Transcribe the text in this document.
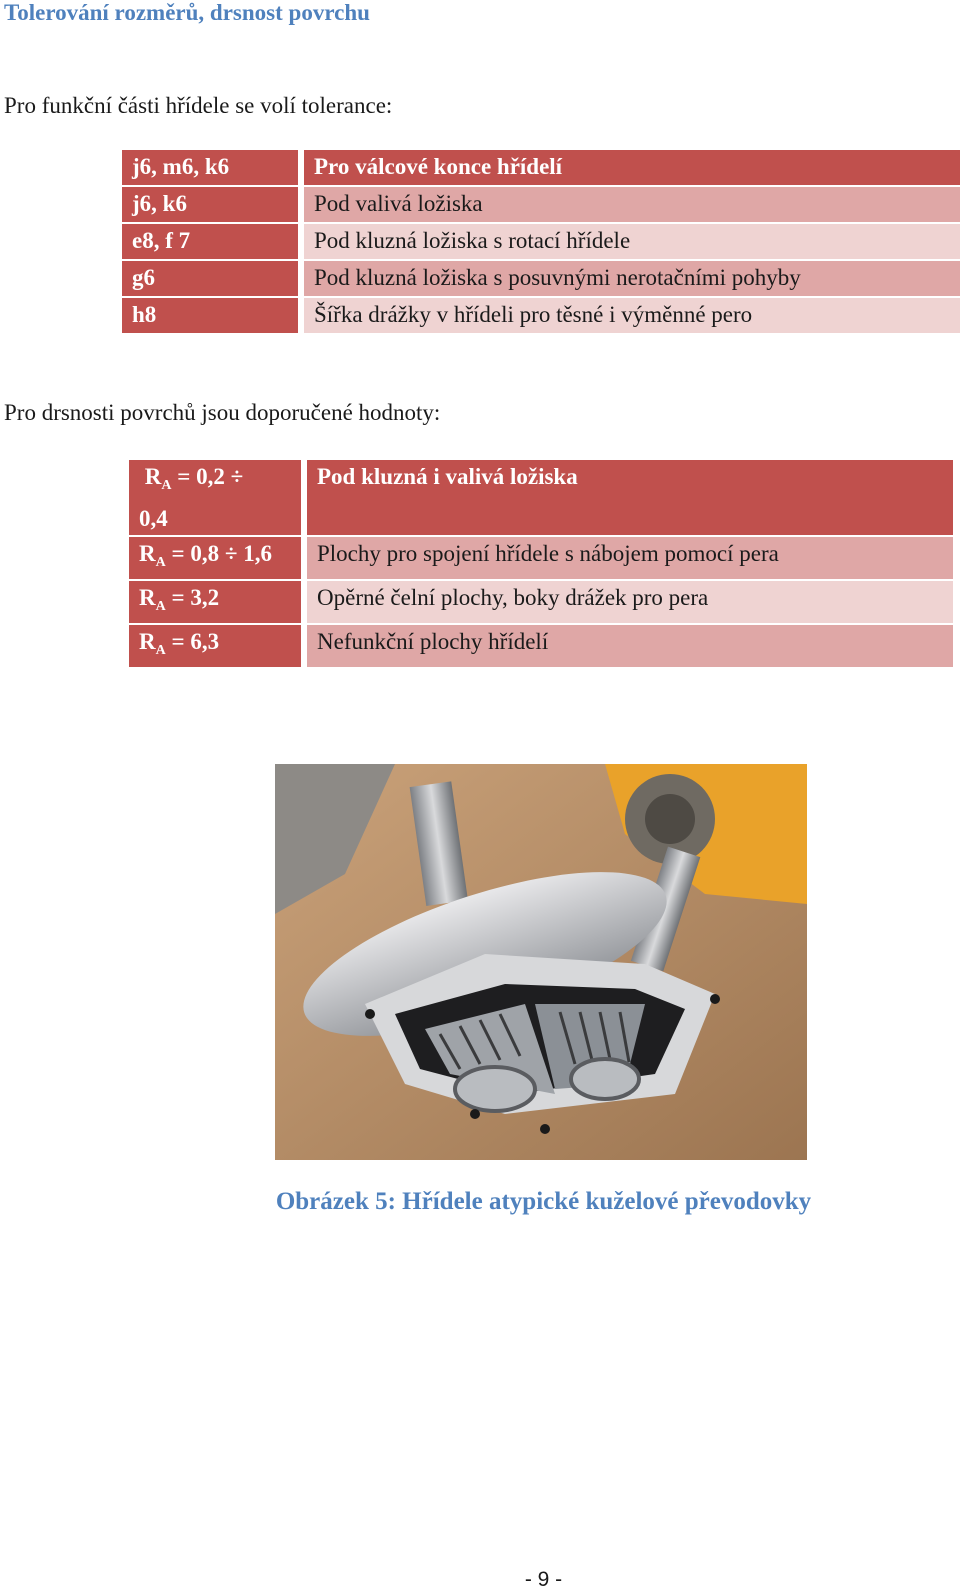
Tolerování rozměrů, drsnost povrchu
Pro funkční části hřídele se volí tolerance:
j6, m6, k6	Pro válcové konce hřídelí
j6, k6	Pod valivá ložiska
e8, f 7	Pod kluzná ložiska s rotací hřídele
g6	Pod kluzná ložiska s posuvnými nerotačními pohyby
h8	Šířka drážky v hřídeli pro těsné i výměnné pero
Pro drsnosti povrchů jsou doporučené hodnoty:
$R_A = 0,2$ ÷
0,4	Pod kluzná i valivá ložiska
$R_A = 0,8 \div 1,6$	Plochy pro spojení hřídele s nábojem pomocí pera
$R_A = 3,2$	Opěrné čelní plochy, boky drážek pro pera
$R_A = 6,3$	Nefunkční plochy hřídelí
Obrázek 5: Hřídele atypické kuželové převodovky
- 9 -
